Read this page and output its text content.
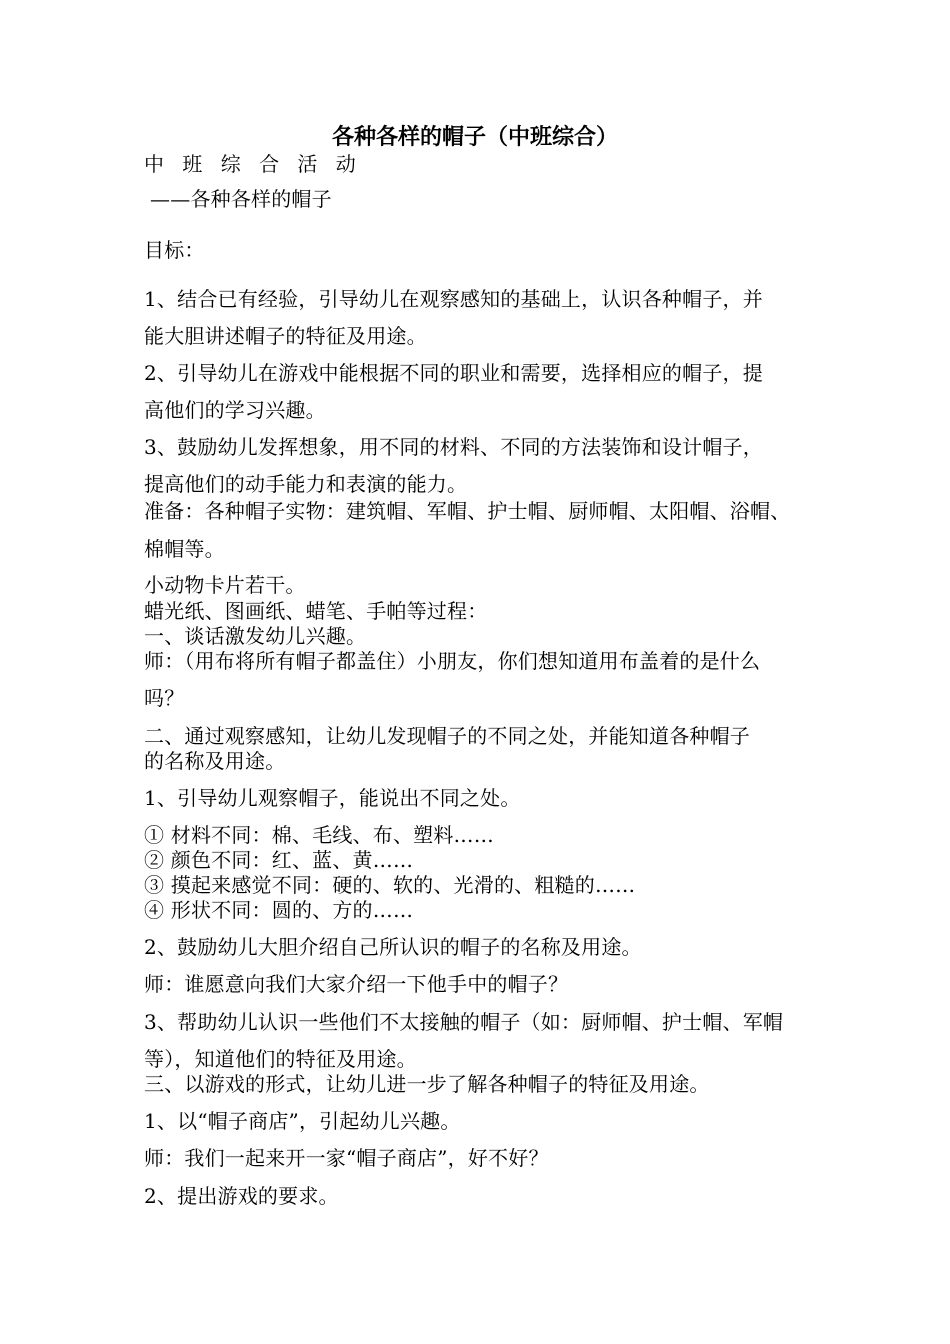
各种各样的帽子（中班综合）
中 班 综 合 活 动
——各种各样的帽子
目标：
1、结合已有经验，引导幼儿在观察感知的基础上，认识各种帽子，并
能大胆讲述帽子的特征及用途。
2、引导幼儿在游戏中能根据不同的职业和需要，选择相应的帽子，提
高他们的学习兴趣。
3、鼓励幼儿发挥想象，用不同的材料、不同的方法装饰和设计帽子，
提高他们的动手能力和表演的能力。
准备：各种帽子实物：建筑帽、军帽、护士帽、厨师帽、太阳帽、浴帽、
棉帽等。
小动物卡片若干。
蜡光纸、图画纸、蜡笔、手帕等过程：
一、谈话激发幼儿兴趣。
师：（用布将所有帽子都盖住）小朋友，你们想知道用布盖着的是什么
吗？
二、通过观察感知，让幼儿发现帽子的不同之处，并能知道各种帽子
的名称及用途。
1、引导幼儿观察帽子，能说出不同之处。
① 材料不同：棉、毛线、布、塑料……
② 颜色不同：红、蓝、黄……
③ 摸起来感觉不同：硬的、软的、光滑的、粗糙的……
④ 形状不同：圆的、方的……
2、鼓励幼儿大胆介绍自己所认识的帽子的名称及用途。
师：谁愿意向我们大家介绍一下他手中的帽子？
3、帮助幼儿认识一些他们不太接触的帽子（如：厨师帽、护士帽、军帽
等），知道他们的特征及用途。
三、以游戏的形式，让幼儿进一步了解各种帽子的特征及用途。
1、以“帽子商店”，引起幼儿兴趣。
师：我们一起来开一家“帽子商店”，好不好？
2、提出游戏的要求。
